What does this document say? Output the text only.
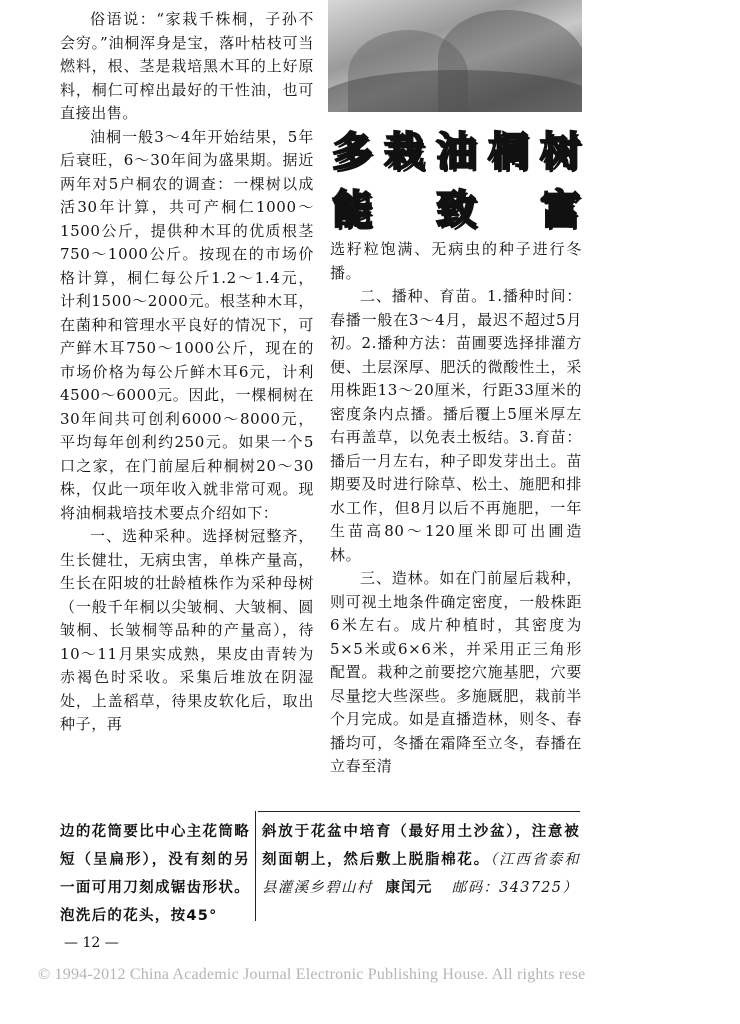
俗语说：“家栽千株桐，子孙不会穷。”油桐浑身是宝，落叶枯枝可当燃料，根、茎是栽培黑木耳的上好原料，桐仁可榨出最好的干性油，也可直接出售。

油桐一般3～4年开始结果，5年后衰旺，6～30年间为盛果期。据近两年对5户桐农的调查：一棵树以成活30年计算，共可产桐仁1000～1500公斤，提供种木耳的优质根茎750～1000公斤。按现在的市场价格计算，桐仁每公斤1.2～1.4元，计利1500～2000元。根茎种木耳，在菌种和管理水平良好的情况下，可产鲜木耳750～1000公斤，现在的市场价格为每公斤鲜木耳6元，计利4500～6000元。因此，一棵桐树在30年间共可创利6000～8000元，平均每年创利约250元。如果一个5口之家，在门前屋后种桐树20～30株，仅此一项年收入就非常可观。现将油桐栽培技术要点介绍如下：

一、选种采种。选择树冠整齐，生长健壮，无病虫害，单株产量高，生长在阳坡的壮龄植株作为采种母树（一般千年桐以尖皱桐、大皱桐、圆皱桐、长皱桐等品种的产量高），待10～11月果实成熟，果皮由青转为赤褐色时采收。采集后堆放在阴湿处，上盖稻草，待果皮软化后，取出种子，再

多 栽 油 桐 树
能 致 富

选籽粒饱满、无病虫的种子进行冬播。

二、播种、育苗。1.播种时间：春播一般在3～4月，最迟不超过5月初。2.播种方法：苗圃要选择排灌方便、土层深厚、肥沃的微酸性土，采用株距13～20厘米，行距33厘米的密度条内点播。播后覆上5厘米厚左右再盖草，以免表土板结。3.育苗：播后一月左右，种子即发芽出土。苗期要及时进行除草、松土、施肥和排水工作，但8月以后不再施肥，一年生苗高80～120厘米即可出圃造林。

三、造林。如在门前屋后栽种，则可视土地条件确定密度，一般株距6米左右。成片种植时，其密度为5×5米或6×6米，并采用正三角形配置。栽种之前要挖穴施基肥，穴要尽量挖大些深些。多施厩肥，栽前半个月完成。如是直播造林，则冬、春播均可，冬播在霜降至立冬，春播在立春至清

边的花筒要比中心主花筒略短（呈扁形），没有刻的另一面可用刀刻成锯齿形状。泡洗后的花头，按45°
斜放于花盆中培育（最好用土沙盆），注意被刻面朝上，然后敷上脱脂棉花。（江西省泰和县灌溪乡碧山村 康闰元 邮码：343725）
— 12 —
© 1994-2012 China Academic Journal Electronic Publishing House. All rights rese
